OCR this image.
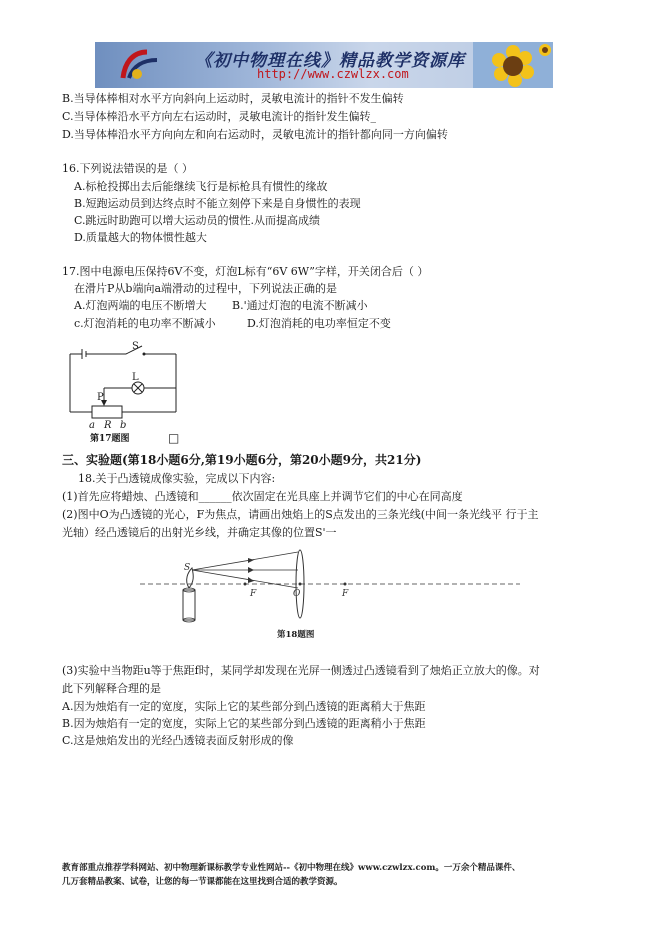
《初中物理在线》精品教学资源库
http://www.czwlzx.com
B.当导体棒相对水平方向斜向上运动时，灵敏电流计的指针不发生偏转
C.当导体棒沿水平方向左右运动时，灵敏电流计的指针发生偏转_
D.当导体棒沿水平方向向左和向右运动时，灵敏电流计的指针都向同一方向偏转
16.下列说法错误的是（ ）
A.标枪投掷出去后能继续飞行是标枪具有惯性的缘故
B.短跑运动员到达终点时不能立刻停下来是自身惯性的表现
C.跳远时助跑可以增大运动员的惯性.从而提高成绩
D.质量越大的物体惯性越大
17.图中电源电压保持6V不变，灯泡L标有“6V 6W”字样，开关闭合后（ ）
在滑片P从b端向a端滑动的过程中，下列说法正确的是
A.灯泡两端的电压不断增大 B.'通过灯泡的电流不断减小
c.灯泡消耗的电功率不断减小	D.灯泡消耗的电功率恒定不变
S
L
P
a R b
第17题图	□
三、实验题(第18小题6分,第19小题6分，第20小题9分，共21分)
18.关于凸透镜成像实验，完成以下内容:
(1)首先应将蜡烛、凸透镜和______依次固定在光具座上并调节它们的中心在同高度
(2)图中O为凸透镜的光心，F为焦点，请画出烛焰上的S点发出的三条光线(中间一条光线平 行于主
光轴）经凸透镜后的出射光乡线，并确定其像的位置S'一
S
F	O	F
第18题图
(3)实验中当物距u等于焦距f时，某同学却发现在光屏一侧透过凸透镜看到了烛焰正立放大的像。对
此下列解释合理的是
A.因为烛焰有一定的宽度，实际上它的某些部分到凸透镜的距离稍大于焦距
B.因为烛焰有一定的宽度，实际上它的某些部分到凸透镜的距离稍小于焦距
C.这是烛焰发出的光经凸透镜表面反射形成的像
教育部重点推荐学科网站、初中物理新课标教学专业性网站--《初中物理在线》www.czwlzx.com。一万余个精品课件、
几万套精品教案、试卷，让您的每一节课都能在这里找到合适的教学资源。
